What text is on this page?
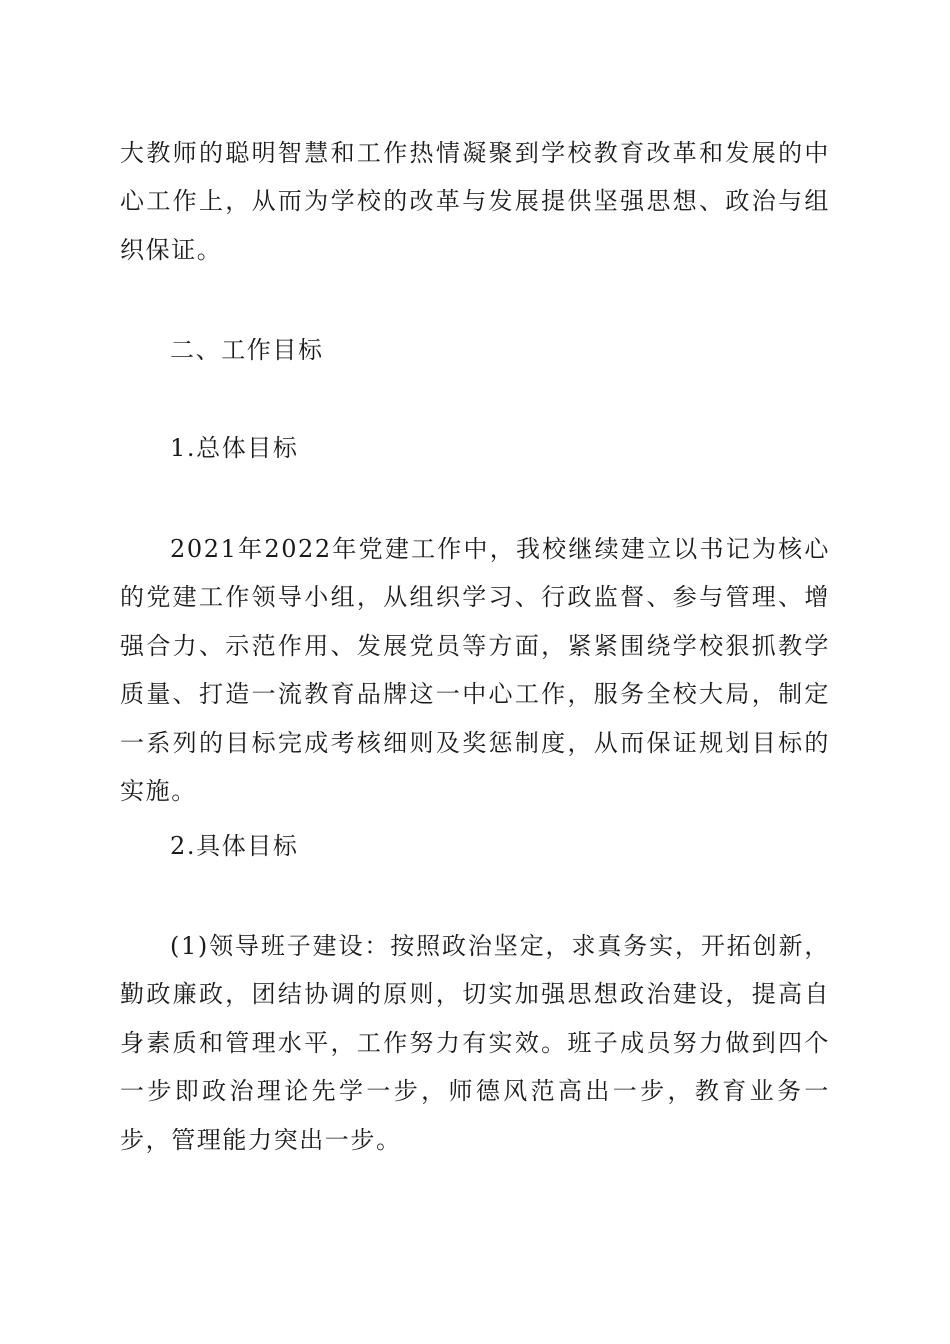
大教师的聪明智慧和工作热情凝聚到学校教育改革和发展的中心工作上，从而为学校的改革与发展提供坚强思想、政治与组织保证。

二、工作目标

1.总体目标

2021年2022年党建工作中，我校继续建立以书记为核心的党建工作领导小组，从组织学习、行政监督、参与管理、增强合力、示范作用、发展党员等方面，紧紧围绕学校狠抓教学质量、打造一流教育品牌这一中心工作，服务全校大局，制定一系列的目标完成考核细则及奖惩制度，从而保证规划目标的实施。

2.具体目标

(1)领导班子建设：按照政治坚定，求真务实，开拓创新，勤政廉政，团结协调的原则，切实加强思想政治建设，提高自身素质和管理水平，工作努力有实效。班子成员努力做到四个一步即政治理论先学一步，师德风范高出一步，教育业务一步，管理能力突出一步。
